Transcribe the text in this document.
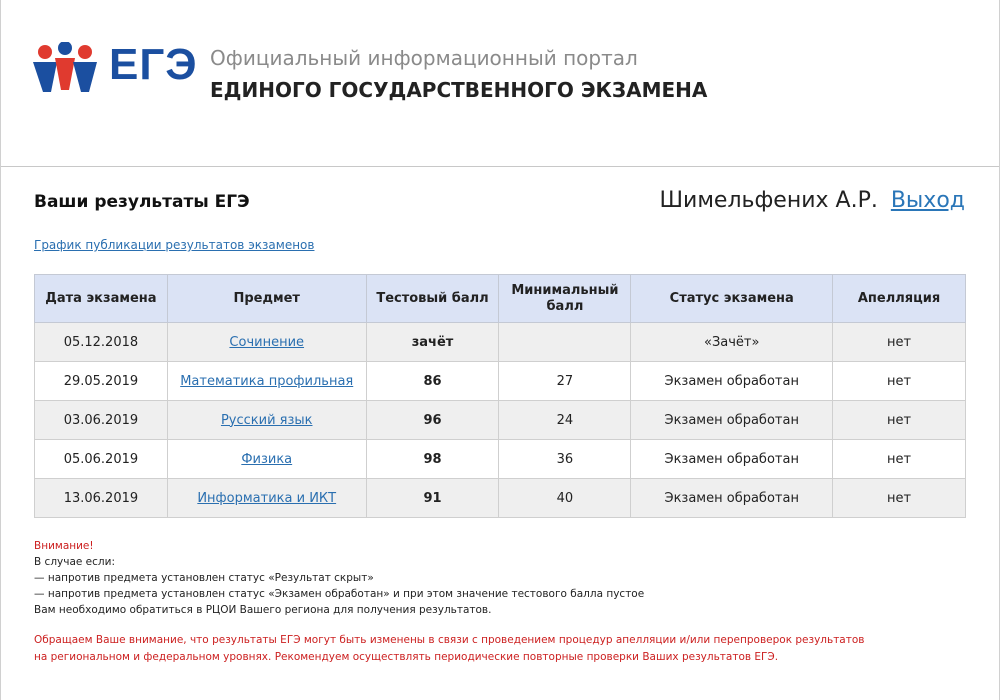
ЕГЭ Официальный информационный портал
ЕДИНОГО ГОСУДАРСТВЕННОГО ЭКЗАМЕНА
Ваши результаты ЕГЭ	Шимельфених А.Р. Выход
График публикации результатов экзаменов
Дата экзамена	Предмет	Тестовый балл	Минимальный балл	Статус экзамена	Апелляция
05.12.2018	Сочинение	зачёт		«Зачёт»	нет
29.05.2019	Математика профильная	86	27	Экзамен обработан	нет
03.06.2019	Русский язык	96	24	Экзамен обработан	нет
05.06.2019	Физика	98	36	Экзамен обработан	нет
13.06.2019	Информатика и ИКТ	91	40	Экзамен обработан	нет
Внимание!
В случае если:
— напротив предмета установлен статус «Результат скрыт»
— напротив предмета установлен статус «Экзамен обработан» и при этом значение тестового балла пустое
Вам необходимо обратиться в РЦОИ Вашего региона для получения результатов.
Обращаем Ваше внимание, что результаты ЕГЭ могут быть изменены в связи с проведением процедур апелляции и/или перепроверок результатов
на региональном и федеральном уровнях. Рекомендуем осуществлять периодические повторные проверки Ваших результатов ЕГЭ.
